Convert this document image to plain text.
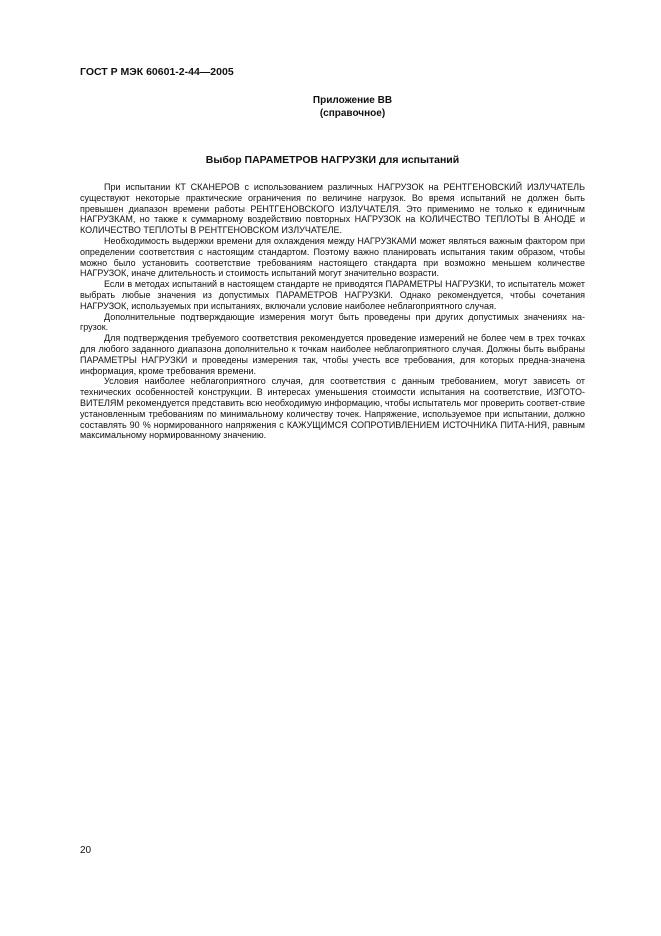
ГОСТ Р МЭК 60601-2-44—2005
Приложение ВВ
(справочное)
Выбор ПАРАМЕТРОВ НАГРУЗКИ для испытаний

При испытании КТ СКАНЕРОВ с использованием различных НАГРУЗОК на РЕНТГЕНОВСКИЙ ИЗЛУЧАТЕЛЬ существуют некоторые практические ограничения по величине нагрузок. Во время испытаний не должен быть превышен диапазон времени работы РЕНТГЕНОВСКОГО ИЗЛУЧАТЕЛЯ. Это применимо не только к единичным НАГРУЗКАМ, но также к суммарному воздействию повторных НАГРУЗОК на КОЛИЧЕСТВО ТЕПЛОТЫ В АНОДЕ и КОЛИЧЕСТВО ТЕПЛОТЫ В РЕНТГЕНОВСКОМ ИЗЛУЧАТЕЛЕ.

Необходимость выдержки времени для охлаждения между НАГРУЗКАМИ может являться важным фактором при определении соответствия с настоящим стандартом. Поэтому важно планировать испытания таким образом, чтобы можно было установить соответствие требованиям настоящего стандарта при возможно меньшем количестве НАГРУЗОК, иначе длительность и стоимость испытаний могут значительно возрасти.

Если в методах испытаний в настоящем стандарте не приводятся ПАРАМЕТРЫ НАГРУЗКИ, то испытатель может выбрать любые значения из допустимых ПАРАМЕТРОВ НАГРУЗКИ. Однако рекомендуется, чтобы сочетания НАГРУЗОК, используемых при испытаниях, включали условие наиболее неблагоприятного случая.

Дополнительные подтверждающие измерения могут быть проведены при других допустимых значениях на-грузок.

Для подтверждения требуемого соответствия рекомендуется проведение измерений не более чем в трех точках для любого заданного диапазона дополнительно к точкам наиболее неблагоприятного случая. Должны быть выбраны ПАРАМЕТРЫ НАГРУЗКИ и проведены измерения так, чтобы учесть все требования, для которых предна-значена информация, кроме требования времени.

Условия наиболее неблагоприятного случая, для соответствия с данным требованием, могут зависеть от технических особенностей конструкции. В интересах уменьшения стоимости испытания на соответствие, ИЗГОТО-ВИТЕЛЯМ рекомендуется представить всю необходимую информацию, чтобы испытатель мог проверить соответ-ствие установленным требованиям по минимальному количеству точек. Напряжение, используемое при испытании, должно составлять 90 % нормированного напряжения с КАЖУЩИМСЯ СОПРОТИВЛЕНИЕМ ИСТОЧНИКА ПИТА-НИЯ, равным максимальному нормированному значению.

20
